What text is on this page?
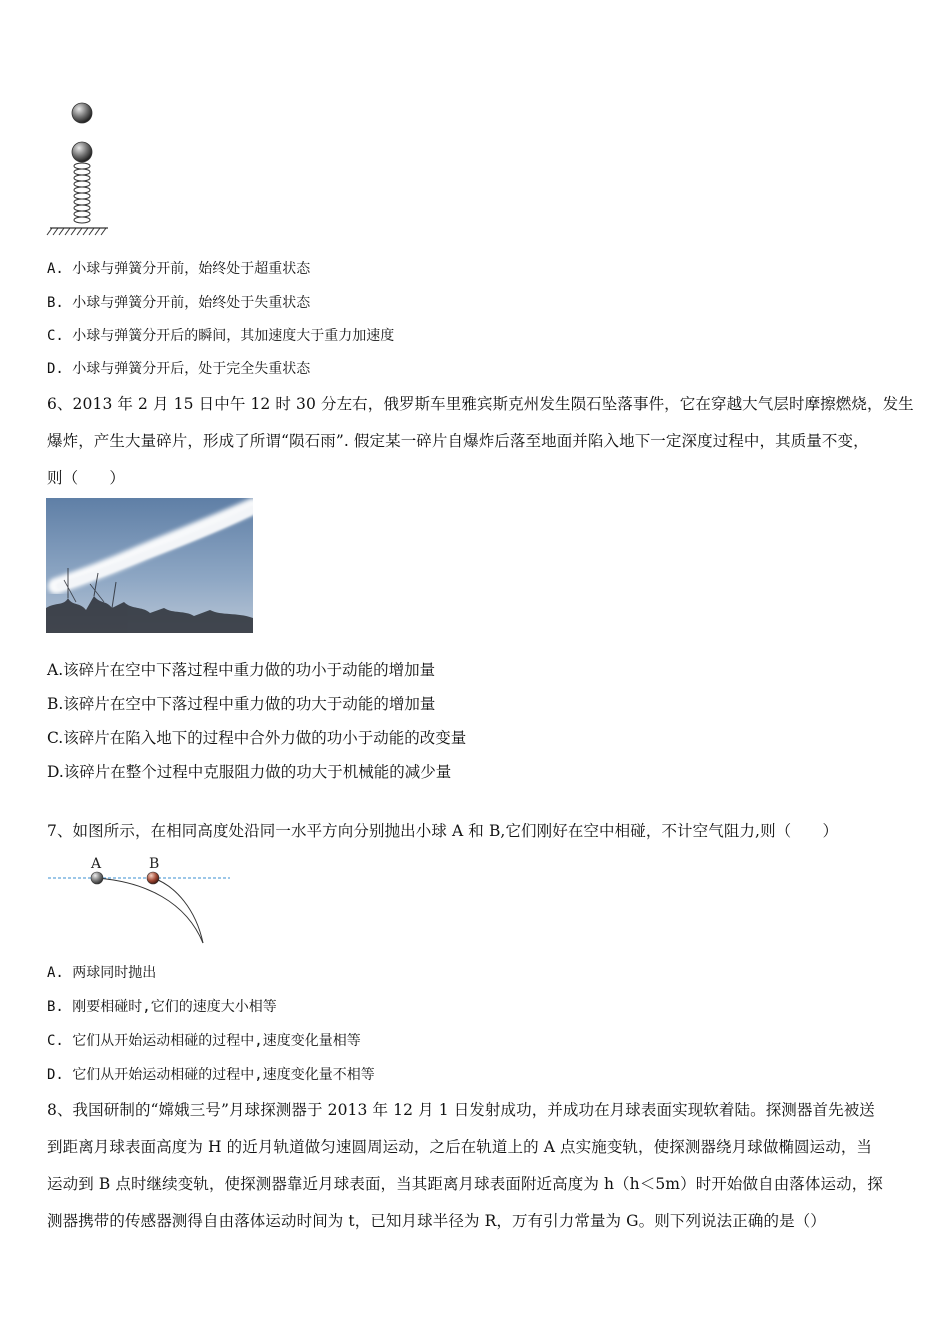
A. 小球与弹簧分开前，始终处于超重状态
B. 小球与弹簧分开前，始终处于失重状态
C. 小球与弹簧分开后的瞬间，其加速度大于重力加速度
D. 小球与弹簧分开后，处于完全失重状态
6、2013 年 2 月 15 日中午 12 时 30 分左右，俄罗斯车里雅宾斯克州发生陨石坠落事件，它在穿越大气层时摩擦燃烧，发生
爆炸，产生大量碎片，形成了所谓“陨石雨”. 假定某一碎片自爆炸后落至地面并陷入地下一定深度过程中，其质量不变，
则（　　）
A.该碎片在空中下落过程中重力做的功小于动能的增加量
B.该碎片在空中下落过程中重力做的功大于动能的增加量
C.该碎片在陷入地下的过程中合外力做的功小于动能的改变量
D.该碎片在整个过程中克服阻力做的功大于机械能的减少量
7、如图所示，在相同高度处沿同一水平方向分别抛出小球 A 和 B,它们刚好在空中相碰，不计空气阻力,则（　　）
A	B
A. 两球同时抛出
B. 刚要相碰时,它们的速度大小相等
C. 它们从开始运动相碰的过程中,速度变化量相等
D. 它们从开始运动相碰的过程中,速度变化量不相等
8、我国研制的“嫦娥三号”月球探测器于 2013 年 12 月 1 日发射成功，并成功在月球表面实现软着陆。探测器首先被送
到距离月球表面高度为 H 的近月轨道做匀速圆周运动，之后在轨道上的 A 点实施变轨，使探测器绕月球做椭圆运动，当
运动到 B 点时继续变轨，使探测器靠近月球表面，当其距离月球表面附近高度为 h（h＜5m）时开始做自由落体运动，探
测器携带的传感器测得自由落体运动时间为 t，已知月球半径为 R，万有引力常量为 G。则下列说法正确的是（）
